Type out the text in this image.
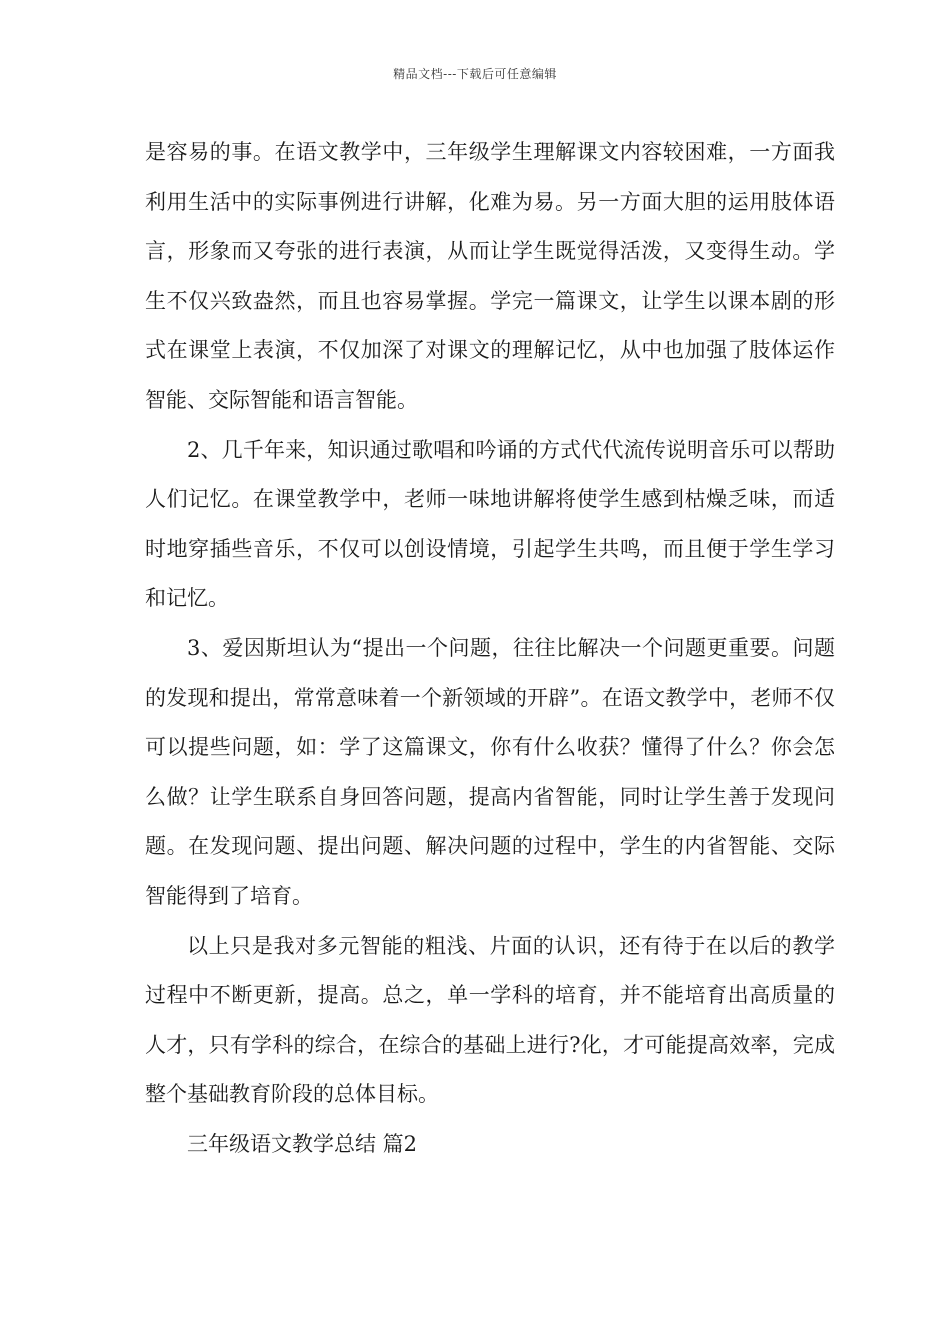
精品文档---下载后可任意编辑

是容易的事。在语文教学中，三年级学生理解课文内容较困难，一方面我利用生活中的实际事例进行讲解，化难为易。另一方面大胆的运用肢体语言，形象而又夸张的进行表演，从而让学生既觉得活泼，又变得生动。学生不仅兴致盎然，而且也容易掌握。学完一篇课文，让学生以课本剧的形式在课堂上表演，不仅加深了对课文的理解记忆，从中也加强了肢体运作智能、交际智能和语言智能。

2、几千年来，知识通过歌唱和吟诵的方式代代流传说明音乐可以帮助人们记忆。在课堂教学中，老师一味地讲解将使学生感到枯燥乏味，而适时地穿插些音乐，不仅可以创设情境，引起学生共鸣，而且便于学生学习和记忆。

3、爱因斯坦认为“提出一个问题，往往比解决一个问题更重要。问题的发现和提出，常常意味着一个新领域的开辟”。在语文教学中，老师不仅可以提些问题，如：学了这篇课文，你有什么收获？懂得了什么？你会怎么做？让学生联系自身回答问题，提高内省智能，同时让学生善于发现问题。在发现问题、提出问题、解决问题的过程中，学生的内省智能、交际智能得到了培育。

以上只是我对多元智能的粗浅、片面的认识，还有待于在以后的教学过程中不断更新，提高。总之，单一学科的培育，并不能培育出高质量的人才，只有学科的综合，在综合的基础上进行?化，才可能提高效率，完成整个基础教育阶段的总体目标。

三年级语文教学总结 篇2
